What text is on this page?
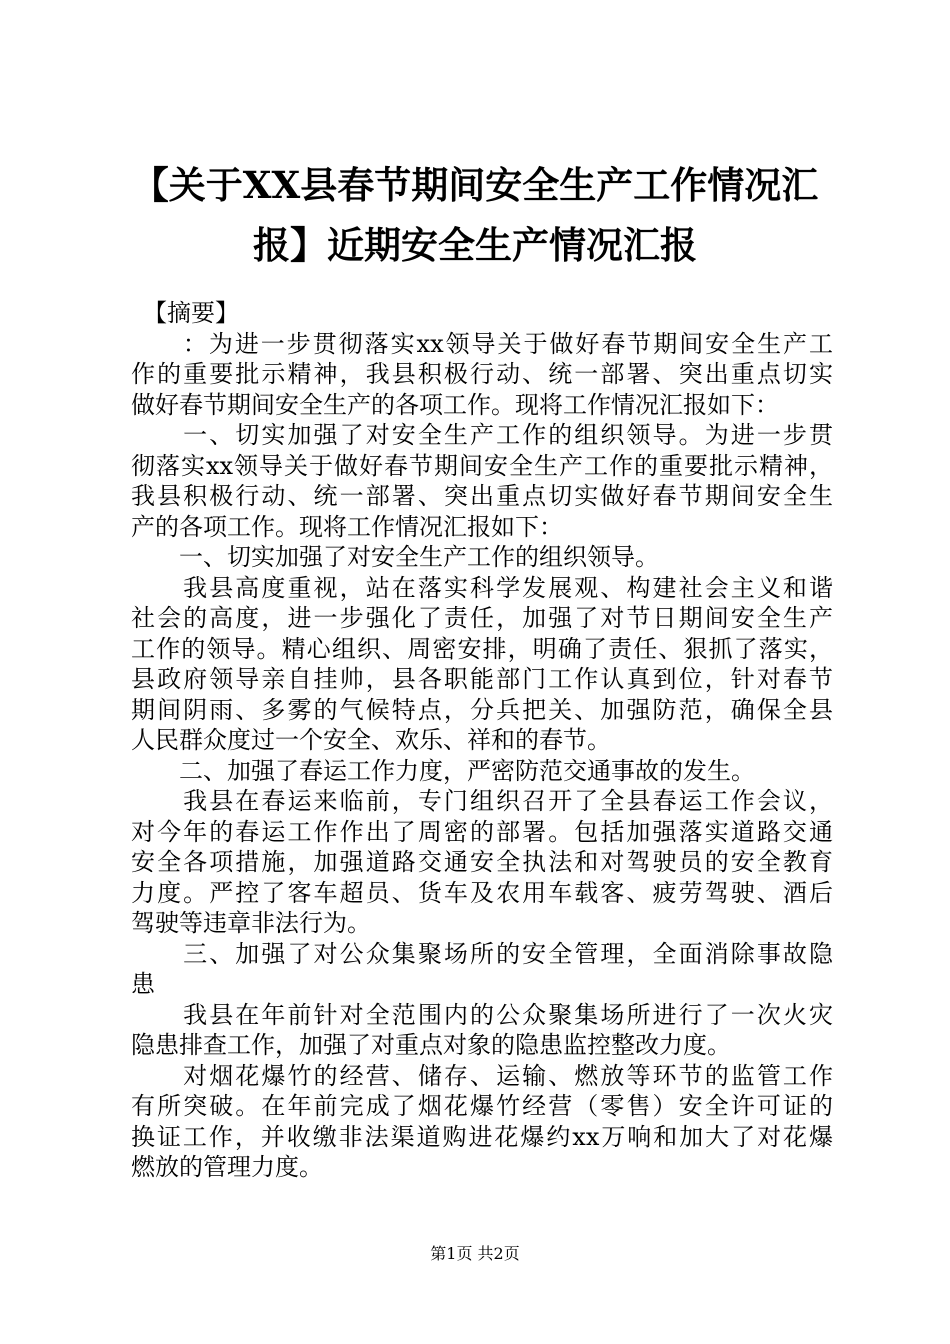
【关于XX县春节期间安全生产工作情况汇
报】近期安全生产情况汇报
　【摘要】
　　：为进一步贯彻落实xx领导关于做好春节期间安全生产工
作的重要批示精神，我县积极行动、统一部署、突出重点切实
做好春节期间安全生产的各项工作。现将工作情况汇报如下：
　　一、切实加强了对安全生产工作的组织领导。为进一步贯
彻落实xx领导关于做好春节期间安全生产工作的重要批示精神，
我县积极行动、统一部署、突出重点切实做好春节期间安全生
产的各项工作。现将工作情况汇报如下：
　　一、切实加强了对安全生产工作的组织领导。
　　我县高度重视，站在落实科学发展观、构建社会主义和谐
社会的高度，进一步强化了责任，加强了对节日期间安全生产
工作的领导。精心组织、周密安排，明确了责任、狠抓了落实，
县政府领导亲自挂帅，县各职能部门工作认真到位，针对春节
期间阴雨、多雾的气候特点，分兵把关、加强防范，确保全县
人民群众度过一个安全、欢乐、祥和的春节。
　　二、加强了春运工作力度，严密防范交通事故的发生。
　　我县在春运来临前，专门组织召开了全县春运工作会议，
对今年的春运工作作出了周密的部署。包括加强落实道路交通
安全各项措施，加强道路交通安全执法和对驾驶员的安全教育
力度。严控了客车超员、货车及农用车载客、疲劳驾驶、酒后
驾驶等违章非法行为。
　　三、加强了对公众集聚场所的安全管理，全面消除事故隐
患
　　我县在年前针对全范围内的公众聚集场所进行了一次火灾
隐患排查工作，加强了对重点对象的隐患监控整改力度。
　　对烟花爆竹的经营、储存、运输、燃放等环节的监管工作
有所突破。在年前完成了烟花爆竹经营（零售）安全许可证的
换证工作，并收缴非法渠道购进花爆约xx万响和加大了对花爆
燃放的管理力度。
第1页 共2页
